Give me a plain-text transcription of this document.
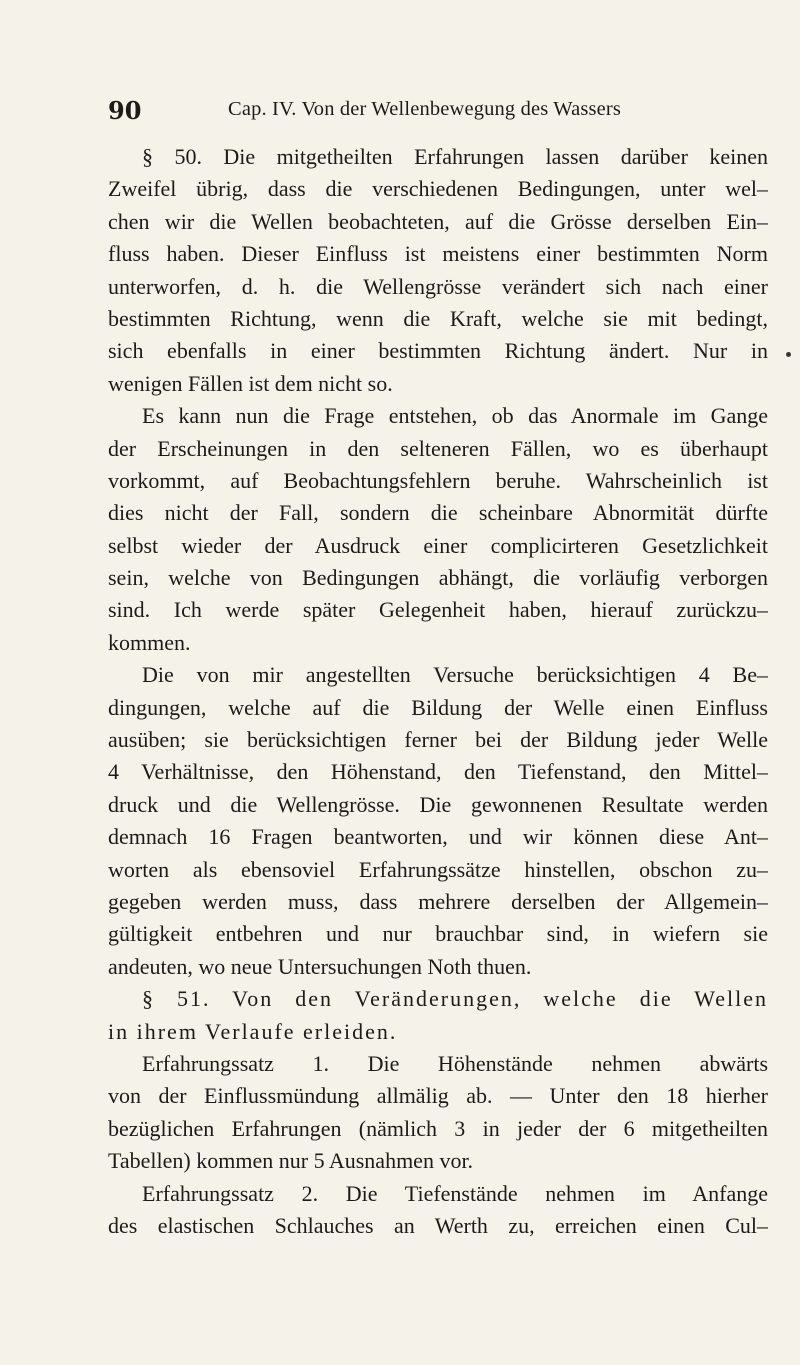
90	Cap. IV. Von der Wellenbewegung des Wassers
§ 50. Die mitgetheilten Erfahrungen lassen darüber keinen
Zweifel übrig, dass die verschiedenen Bedingungen, unter wel–
chen wir die Wellen beobachteten, auf die Grösse derselben Ein–
fluss haben. Dieser Einfluss ist meistens einer bestimmten Norm
unterworfen, d. h. die Wellengrösse verändert sich nach einer
bestimmten Richtung, wenn die Kraft, welche sie mit bedingt,
sich ebenfalls in einer bestimmten Richtung ändert. Nur in
wenigen Fällen ist dem nicht so.
Es kann nun die Frage entstehen, ob das Anormale im Gange
der Erscheinungen in den selteneren Fällen, wo es überhaupt
vorkommt, auf Beobachtungsfehlern beruhe. Wahrscheinlich ist
dies nicht der Fall, sondern die scheinbare Abnormität dürfte
selbst wieder der Ausdruck einer complicirteren Gesetzlichkeit
sein, welche von Bedingungen abhängt, die vorläufig verborgen
sind. Ich werde später Gelegenheit haben, hierauf zurückzu–
kommen.
Die von mir angestellten Versuche berücksichtigen 4 Be–
dingungen, welche auf die Bildung der Welle einen Einfluss
ausüben; sie berücksichtigen ferner bei der Bildung jeder Welle
4 Verhältnisse, den Höhenstand, den Tiefenstand, den Mittel–
druck und die Wellengrösse. Die gewonnenen Resultate werden
demnach 16 Fragen beantworten, und wir können diese Ant–
worten als ebensoviel Erfahrungssätze hinstellen, obschon zu–
gegeben werden muss, dass mehrere derselben der Allgemein–
gültigkeit entbehren und nur brauchbar sind, in wiefern sie
andeuten, wo neue Untersuchungen Noth thuen.
§ 51. Von den Veränderungen, welche die Wellen
in ihrem Verlaufe erleiden.
Erfahrungssatz 1. Die Höhenstände nehmen abwärts
von der Einflussmündung allmälig ab. — Unter den 18 hierher
bezüglichen Erfahrungen (nämlich 3 in jeder der 6 mitgetheilten
Tabellen) kommen nur 5 Ausnahmen vor.
Erfahrungssatz 2. Die Tiefenstände nehmen im Anfange
des elastischen Schlauches an Werth zu, erreichen einen Cul–
